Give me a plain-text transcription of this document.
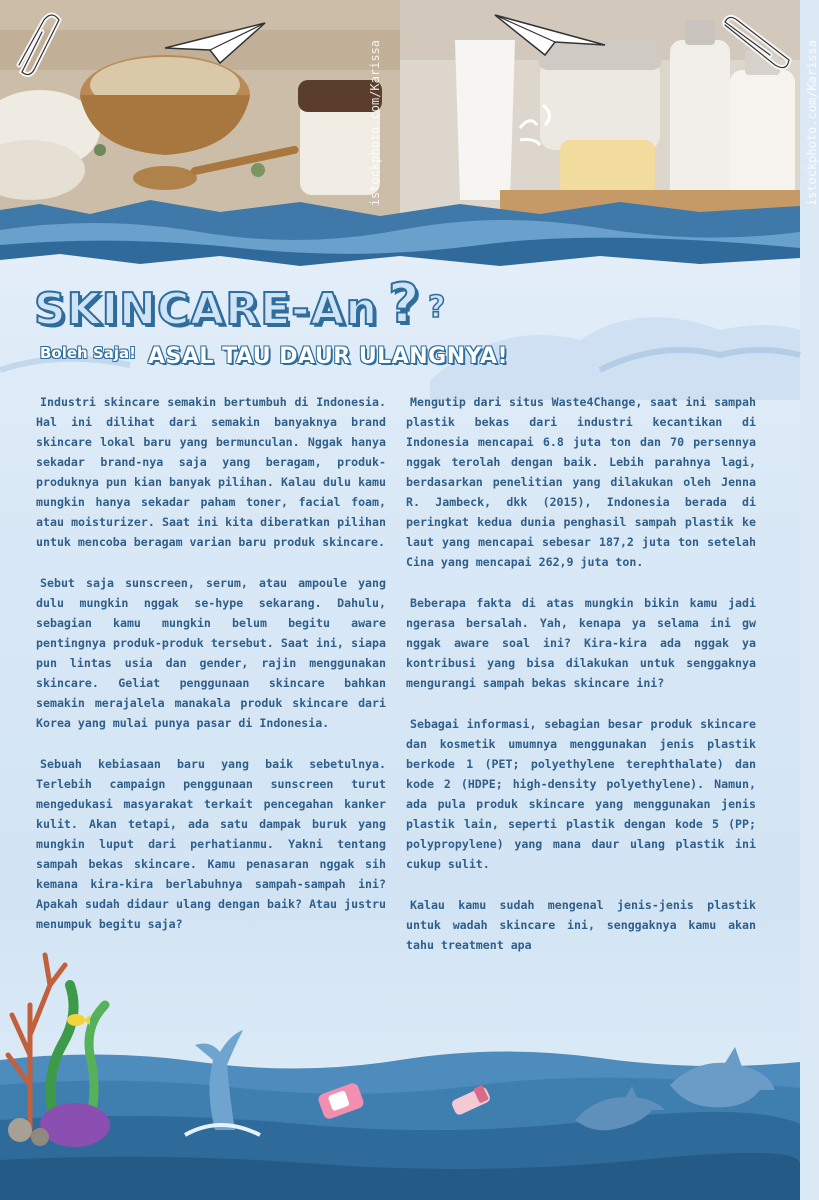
istockphoto.com/Karissa	istockphoto.com/Karissa
SKINCARE-An ? ?
Boleh Saja! ASAL TAU DAUR ULANGNYA!

Industri skincare semakin bertumbuh di Indonesia. Hal ini dilihat dari semakin banyaknya brand skincare lokal baru yang bermunculan. Nggak hanya sekadar brand-nya saja yang beragam, produk-produknya pun kian banyak pilihan. Kalau dulu kamu mungkin hanya sekadar paham toner, facial foam, atau moisturizer. Saat ini kita diberatkan pilihan untuk mencoba beragam varian baru produk skincare.

Sebut saja sunscreen, serum, atau ampoule yang dulu mungkin nggak se-hype sekarang. Dahulu, sebagian kamu mungkin belum begitu aware pentingnya produk-produk tersebut. Saat ini, siapa pun lintas usia dan gender, rajin menggunakan skincare. Geliat penggunaan skincare bahkan semakin merajalela manakala produk skincare dari Korea yang mulai punya pasar di Indonesia.

Sebuah kebiasaan baru yang baik sebetulnya. Terlebih campaign penggunaan sunscreen turut mengedukasi masyarakat terkait pencegahan kanker kulit. Akan tetapi, ada satu dampak buruk yang mungkin luput dari perhatianmu. Yakni tentang sampah bekas skincare. Kamu penasaran nggak sih kemana kira-kira berlabuhnya sampah-sampah ini? Apakah sudah didaur ulang dengan baik? Atau justru menumpuk begitu saja?

Mengutip dari situs Waste4Change, saat ini sampah plastik bekas dari industri kecantikan di Indonesia mencapai 6.8 juta ton dan 70 persennya nggak terolah dengan baik. Lebih parahnya lagi, berdasarkan penelitian yang dilakukan oleh Jenna R. Jambeck, dkk (2015), Indonesia berada di peringkat kedua dunia penghasil sampah plastik ke laut yang mencapai sebesar 187,2 juta ton setelah Cina yang mencapai 262,9 juta ton.

Beberapa fakta di atas mungkin bikin kamu jadi ngerasa bersalah. Yah, kenapa ya selama ini gw nggak aware soal ini? Kira-kira ada nggak ya kontribusi yang bisa dilakukan untuk senggaknya mengurangi sampah bekas skincare ini?

Sebagai informasi, sebagian besar produk skincare dan kosmetik umumnya menggunakan jenis plastik berkode 1 (PET; polyethylene terephthalate) dan kode 2 (HDPE; high-density polyethylene). Namun, ada pula produk skincare yang menggunakan jenis plastik lain, seperti plastik dengan kode 5 (PP; polypropylene) yang mana daur ulang plastik ini cukup sulit.

Kalau kamu sudah mengenal jenis-jenis plastik untuk wadah skincare ini, senggaknya kamu akan tahu treatment apa
